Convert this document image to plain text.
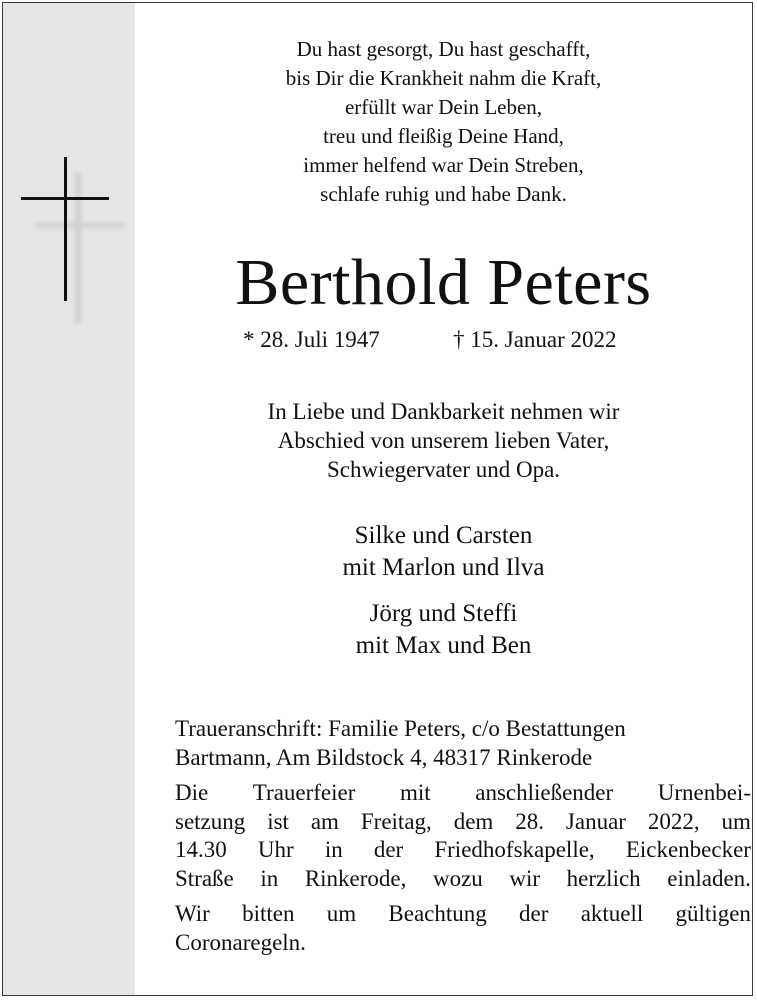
Du hast gesorgt, Du hast geschafft,
bis Dir die Krankheit nahm die Kraft,
erfüllt war Dein Leben,
treu und fleißig Deine Hand,
immer helfend war Dein Streben,
schlafe ruhig und habe Dank.
Berthold Peters
* 28. Juli 1947	† 15. Januar 2022
In Liebe und Dankbarkeit nehmen wir
Abschied von unserem lieben Vater,
Schwiegervater und Opa.
Silke und Carsten
mit Marlon und Ilva
Jörg und Steffi
mit Max und Ben
Traueranschrift: Familie Peters, c/o Bestattungen
Bartmann, Am Bildstock 4, 48317 Rinkerode
Die Trauerfeier mit anschließender Urnenbei-
setzung ist am Freitag, dem 28. Januar 2022, um
14.30 Uhr in der Friedhofskapelle, Eickenbecker
Straße in Rinkerode, wozu wir herzlich einladen.
Wir bitten um Beachtung der aktuell gültigen
Coronaregeln.
